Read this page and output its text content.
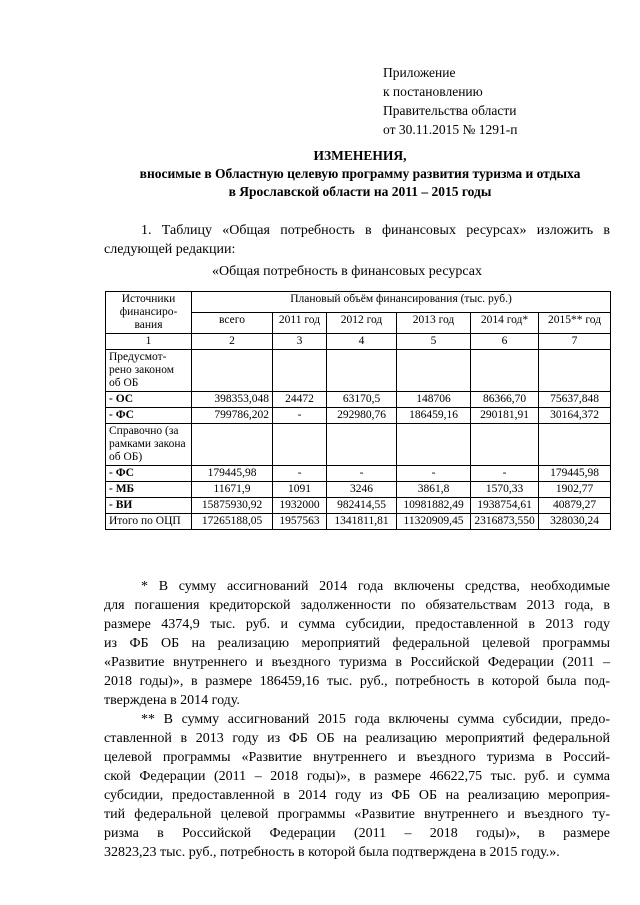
Приложение
к постановлению
Правительства области
от 30.11.2015 № 1291-п
ИЗМЕНЕНИЯ,
вносимые в Областную целевую программу развития туризма и отдыха
в Ярославской области на 2011 – 2015 годы
1. Таблицу «Общая потребность в финансовых ресурсах» изложить в
следующей редакции:
«Общая потребность в финансовых ресурсах
Источники финансиро-вания	Плановый объём финансирования (тыс. руб.)					
	всего	2011 год	2012 год	2013 год	2014 год*	2015** год
1	2	3	4	5	6	7
Предусмот-рено законом об ОБ						
- ОС	398353,048	24472	63170,5	148706	86366,70	75637,848
- ФС	799786,202	-	292980,76	186459,16	290181,91	30164,372
Справочно (за рамками закона об ОБ)						
- ФС	179445,98	-	-	-	-	179445,98
- МБ	11671,9	1091	3246	3861,8	1570,33	1902,77
- ВИ	15875930,92	1932000	982414,55	10981882,49	1938754,61	40879,27
Итого по ОЦП	17265188,05	1957563	1341811,81	11320909,45	2316873,550	328030,24
* В сумму ассигнований 2014 года включены средства, необходимые
для погашения кредиторской задолженности по обязательствам 2013 года, в
размере 4374,9 тыс. руб. и сумма субсидии, предоставленной в 2013 году
из ФБ ОБ на реализацию мероприятий федеральной целевой программы
«Развитие внутреннего и въездного туризма в Российской Федерации (2011 –
2018 годы)», в размере 186459,16 тыс. руб., потребность в которой была под-
тверждена в 2014 году.
** В сумму ассигнований 2015 года включены сумма субсидии, предо-
ставленной в 2013 году из ФБ ОБ на реализацию мероприятий федеральной
целевой программы «Развитие внутреннего и въездного туризма в Россий-
ской Федерации (2011 – 2018 годы)», в размере 46622,75 тыс. руб. и сумма
субсидии, предоставленной в 2014 году из ФБ ОБ на реализацию мероприя-
тий федеральной целевой программы «Развитие внутреннего и въездного ту-
ризма в Российской Федерации (2011 – 2018 годы)», в размере
32823,23 тыс. руб., потребность в которой была подтверждена в 2015 году.».
